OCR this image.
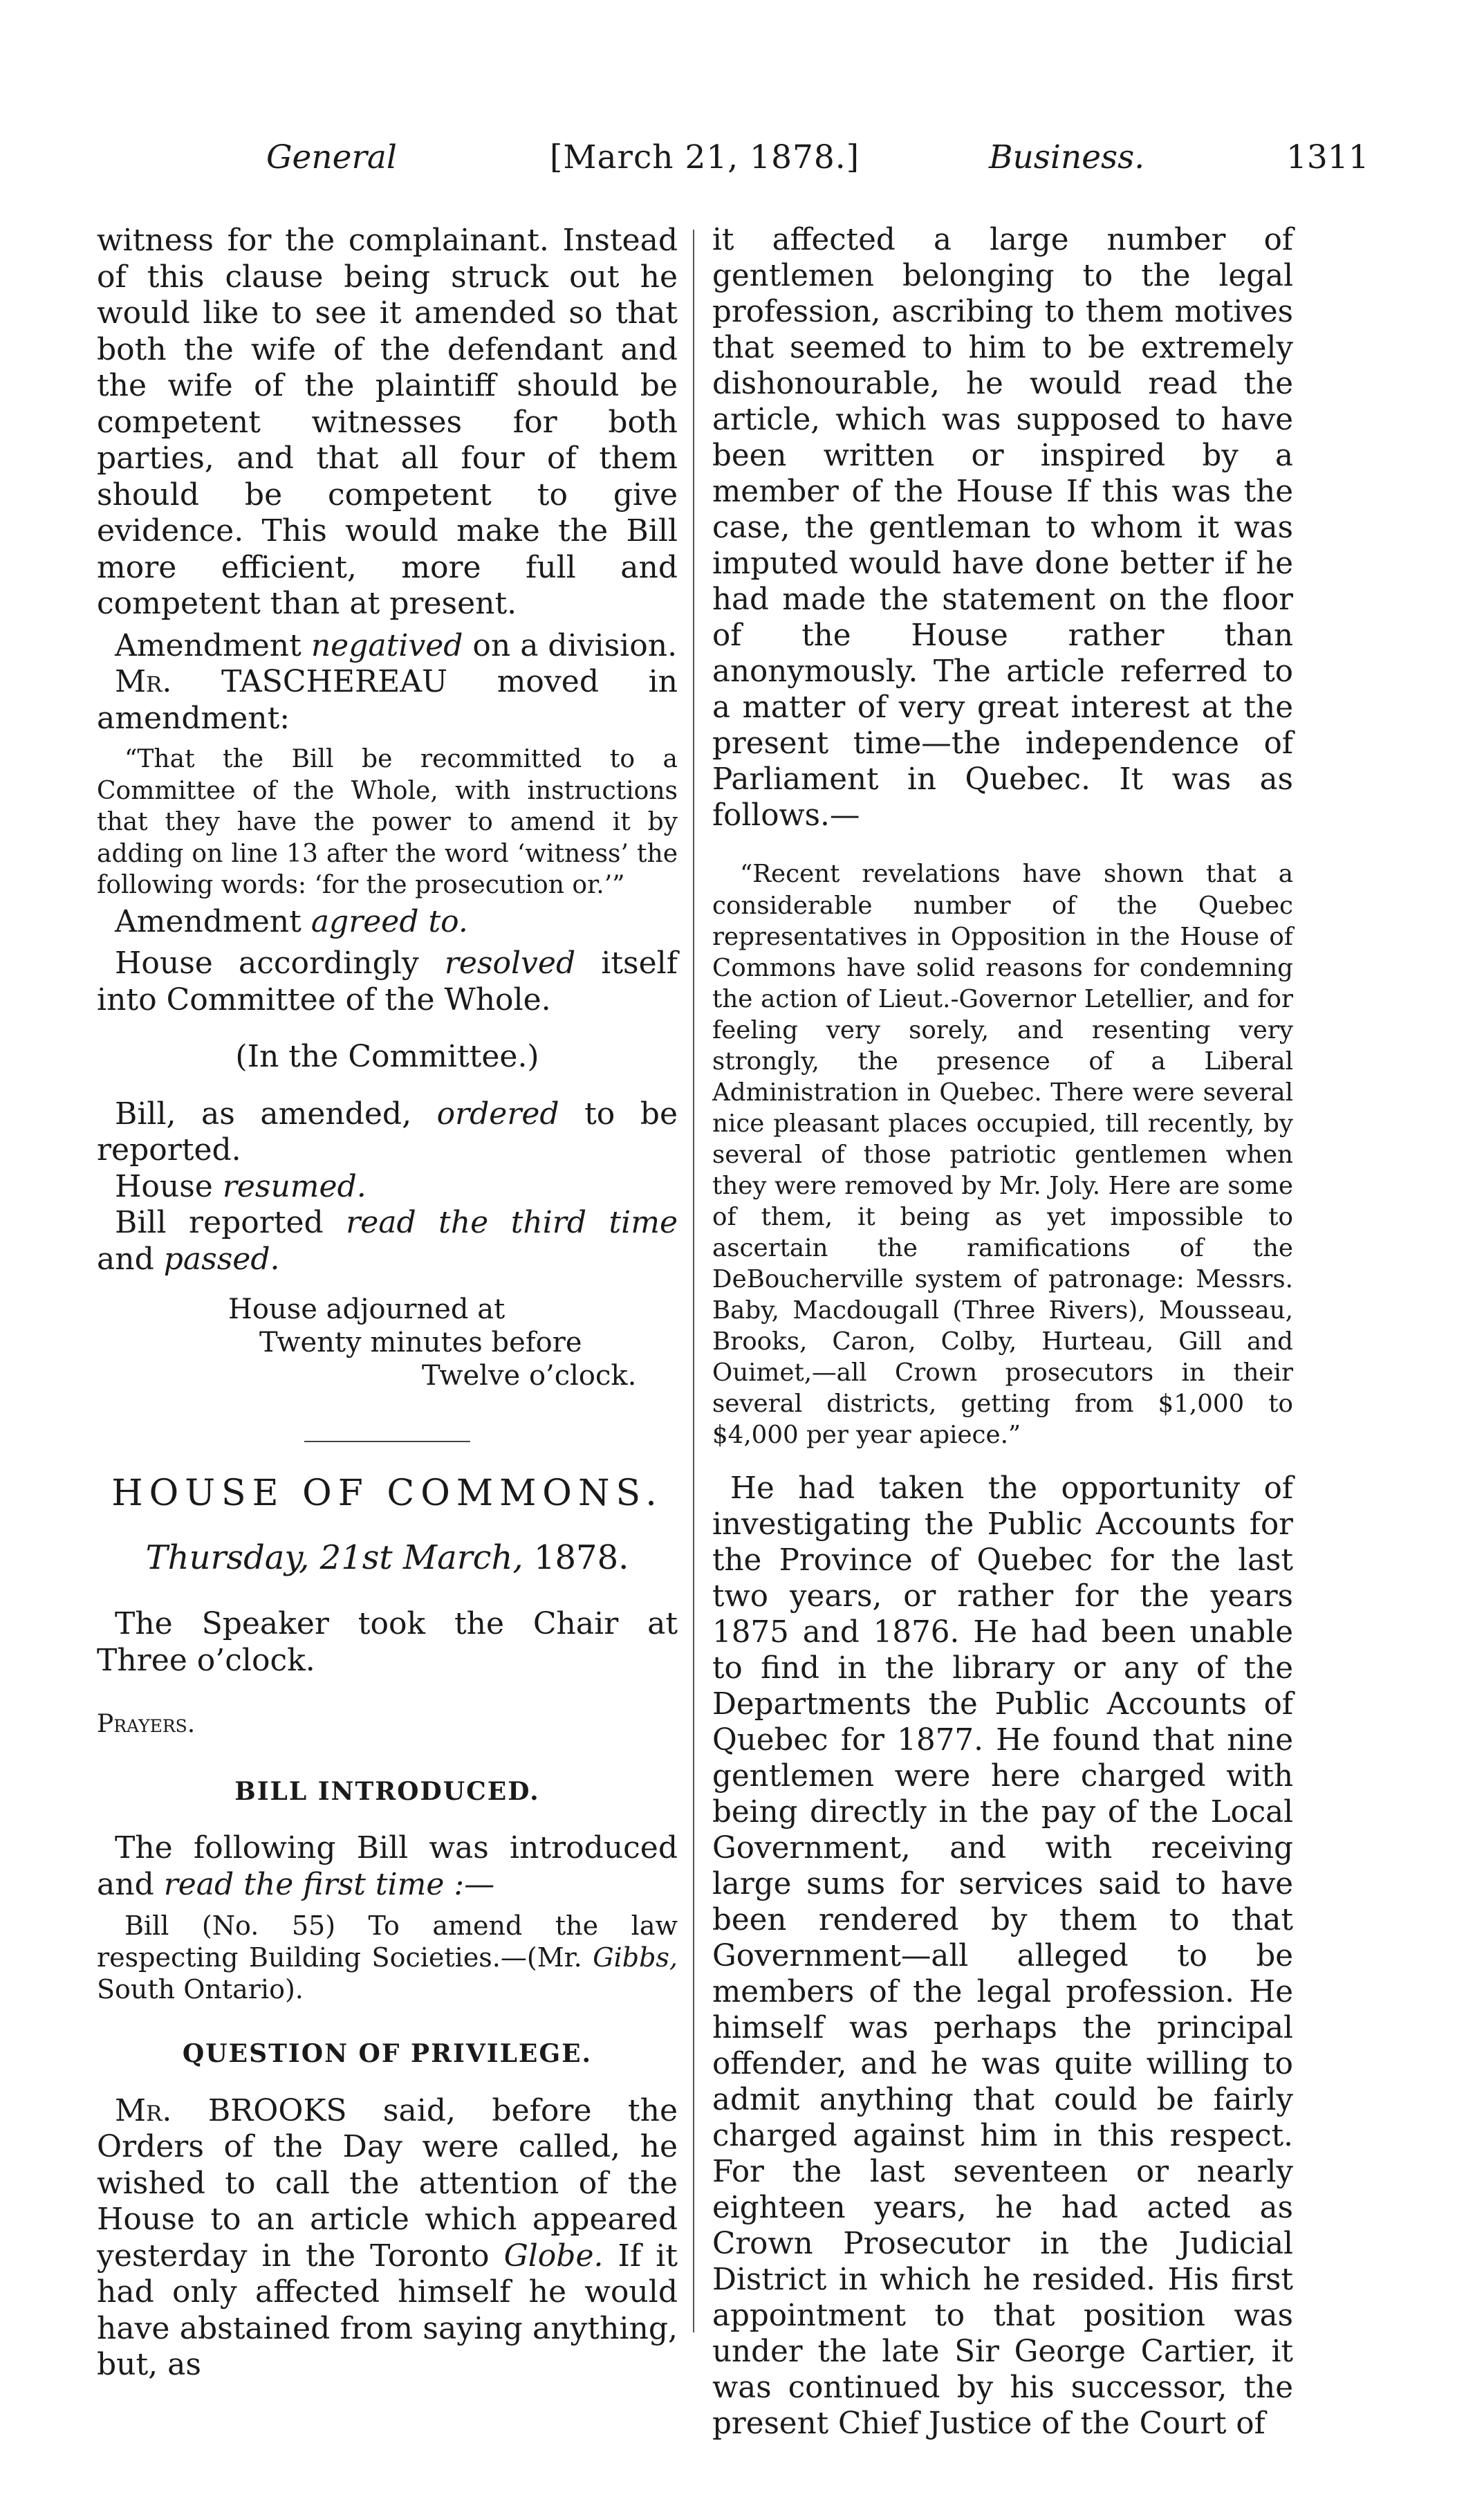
General	[March 21, 1878.]	Business.	1311

witness for the complainant. Instead of this clause being struck out he would like to see it amended so that both the wife of the defendant and the wife of the plaintiff should be competent witnesses for both parties, and that all four of them should be competent to give evidence. This would make the Bill more efficient, more full and competent than at present.

Amendment negatived on a division.

Mr. TASCHEREAU moved in amendment:

“That the Bill be recommitted to a Committee of the Whole, with instructions that they have the power to amend it by adding on line 13 after the word ‘witness’ the following words: ‘for the prosecution or.’”

Amendment agreed to.

House accordingly resolved itself into Committee of the Whole.

(In the Committee.)

Bill, as amended, ordered to be reported.

House resumed.

Bill reported read the third time and passed.

House adjourned at

Twenty minutes before

Twelve o’clock.

HOUSE OF COMMONS.

Thursday, 21st March, 1878.

The Speaker took the Chair at Three o’clock.

Prayers.

BILL INTRODUCED.

The following Bill was introduced and read the first time :—

Bill (No. 55) To amend the law respecting Building Societies.—(Mr. Gibbs, South Ontario).

QUESTION OF PRIVILEGE.

Mr. BROOKS said, before the Orders of the Day were called, he wished to call the attention of the House to an article which appeared yesterday in the Toronto Globe. If it had only affected himself he would have abstained from saying anything, but, as

it affected a large number of gentlemen belonging to the legal profession, ascribing to them motives that seemed to him to be extremely dishonourable, he would read the article, which was supposed to have been written or inspired by a member of the House If this was the case, the gentleman to whom it was imputed would have done better if he had made the statement on the floor of the House rather than anonymously. The article referred to a matter of very great interest at the present time—the independence of Parliament in Quebec. It was as follows.—

“Recent revelations have shown that a considerable number of the Quebec representatives in Opposition in the House of Commons have solid reasons for condemning the action of Lieut.-Governor Letellier, and for feeling very sorely, and resenting very strongly, the presence of a Liberal Administration in Quebec. There were several nice pleasant places occupied, till recently, by several of those patriotic gentlemen when they were removed by Mr. Joly. Here are some of them, it being as yet impossible to ascertain the ramifications of the DeBoucherville system of patronage: Messrs. Baby, Macdougall (Three Rivers), Mousseau, Brooks, Caron, Colby, Hurteau, Gill and Ouimet,—all Crown prosecutors in their several districts, getting from $1,000 to $4,000 per year apiece.”

He had taken the opportunity of investigating the Public Accounts for the Province of Quebec for the last two years, or rather for the years 1875 and 1876. He had been unable to find in the library or any of the Departments the Public Accounts of Quebec for 1877. He found that nine gentlemen were here charged with being directly in the pay of the Local Government, and with receiving large sums for services said to have been rendered by them to that Government—all alleged to be members of the legal profession. He himself was perhaps the principal offender, and he was quite willing to admit anything that could be fairly charged against him in this respect. For the last seventeen or nearly eighteen years, he had acted as Crown Prosecutor in the Judicial District in which he resided. His first appointment to that position was under the late Sir George Cartier, it was continued by his successor, the present Chief Justice of the Court of
